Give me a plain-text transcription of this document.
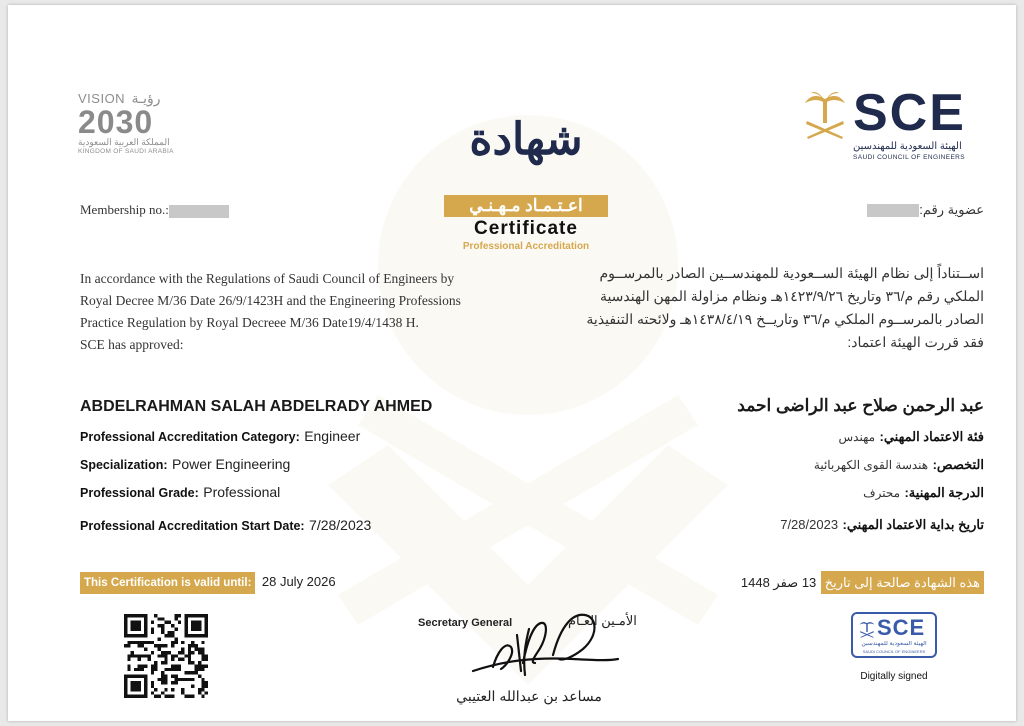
VISION رؤيـة
2030
المملكة العربية السعودية
KINGDOM OF SAUDI ARABIA
SCE
الهيئة السعودية للمهندسين
SAUDI COUNCIL OF ENGINEERS
شهادة
اعـتـمـاد مـهـنـي
Certificate
Professional Accreditation
Membership no.:	عضوية رقم:
In accordance with the Regulations of Saudi Council of Engineers by
Royal Decree M/36 Date 26/9/1423H and the Engineering Professions
Practice Regulation by Royal Decreee M/36 Date19/4/1438 H.
SCE has approved:
اســتناداً إلى نظام الهيئة الســعودية للمهندســين الصادر بالمرســوم
الملكي رقم م/٣٦ وتاريخ ١٤٢٣/٩/٢٦هـ ونظام مزاولة المهن الهندسية
الصادر بالمرســوم الملكي م/٣٦ وتاريــخ ١٤٣٨/٤/١٩هـ ولائحته التنفيذية
فقد قررت الهيئة اعتماد:
ABDELRAHMAN SALAH ABDELRADY AHMED	عبد الرحمن صلاح عبد الراضى احمد
Professional Accreditation Category: Engineer
Specialization: Power Engineering
Professional Grade: Professional
Professional Accreditation Start Date: 7/28/2023
فئة الاعتماد المهني: مهندس
التخصص: هندسة القوى الكهربائية
الدرجة المهنية: محترف
تاريخ بداية الاعتماد المهني: 7/28/2023
This Certification is valid until: 28 July 2026	هذه الشهادة صالحة إلى تاريخ 13 صفر 1448
Secretary General	الأمـين العـام
مساعد بن عبدالله العتيبي
SCE
الهيئة السعودية للمهندسين
SAUDI COUNCIL OF ENGINEERS
Digitally signed
